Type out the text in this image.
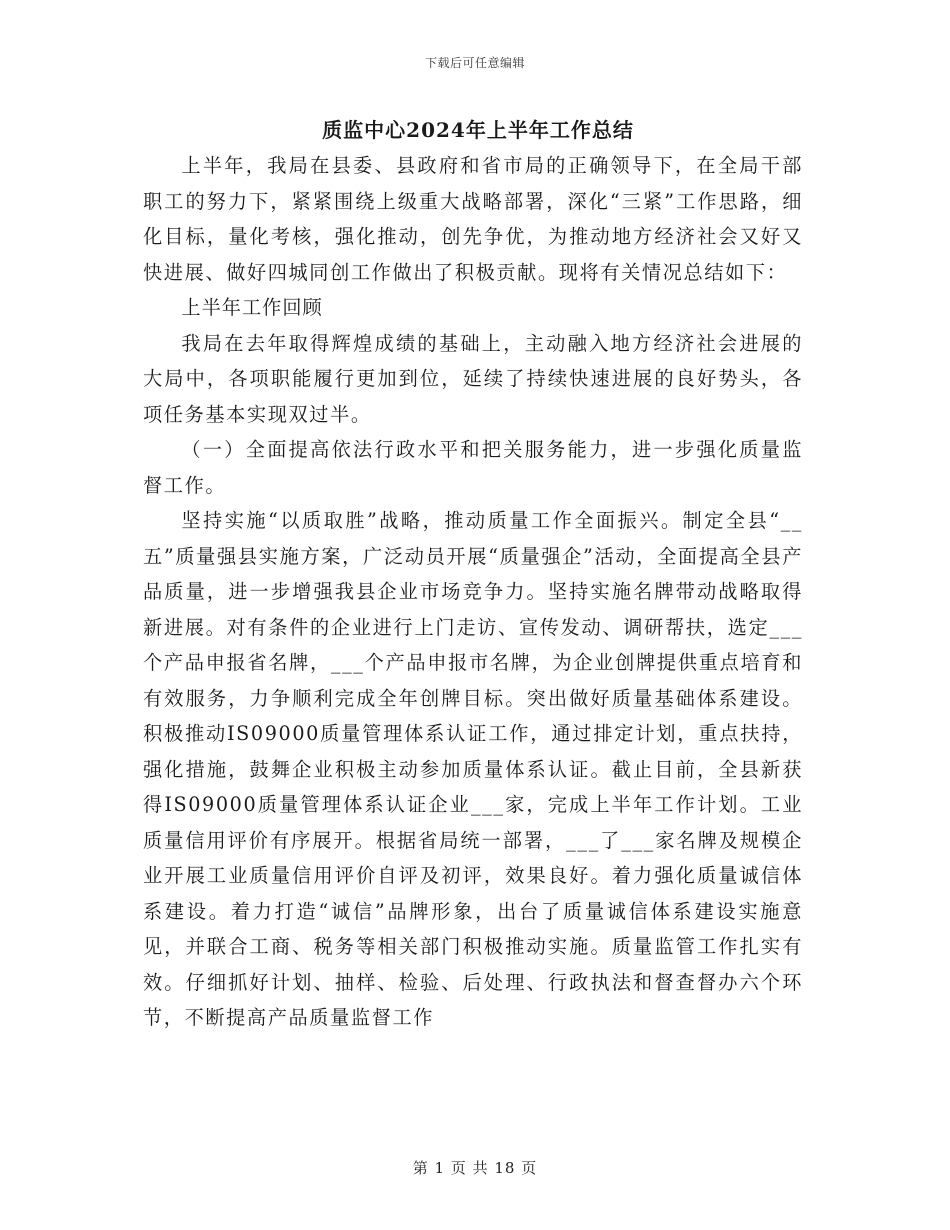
下载后可任意编辑
质监中心2024年上半年工作总结

上半年，我局在县委、县政府和省市局的正确领导下，在全局干部职工的努力下，紧紧围绕上级重大战略部署，深化“三紧”工作思路，细化目标，量化考核，强化推动，创先争优，为推动地方经济社会又好又快进展、做好四城同创工作做出了积极贡献。现将有关情况总结如下：

上半年工作回顾

我局在去年取得辉煌成绩的基础上，主动融入地方经济社会进展的大局中，各项职能履行更加到位，延续了持续快速进展的良好势头，各项任务基本实现双过半。

（一）全面提高依法行政水平和把关服务能力，进一步强化质量监督工作。

坚持实施“以质取胜”战略，推动质量工作全面振兴。制定全县“__五”质量强县实施方案，广泛动员开展“质量强企”活动，全面提高全县产品质量，进一步增强我县企业市场竞争力。坚持实施名牌带动战略取得新进展。对有条件的企业进行上门走访、宣传发动、调研帮扶，选定___个产品申报省名牌，___个产品申报市名牌，为企业创牌提供重点培育和有效服务，力争顺利完成全年创牌目标。突出做好质量基础体系建设。积极推动IS09000质量管理体系认证工作，通过排定计划，重点扶持，强化措施，鼓舞企业积极主动参加质量体系认证。截止目前，全县新获得IS09000质量管理体系认证企业___家，完成上半年工作计划。工业质量信用评价有序展开。根据省局统一部署，___了___家名牌及规模企业开展工业质量信用评价自评及初评，效果良好。着力强化质量诚信体系建设。着力打造“诚信”品牌形象，出台了质量诚信体系建设实施意见，并联合工商、税务等相关部门积极推动实施。质量监管工作扎实有效。仔细抓好计划、抽样、检验、后处理、行政执法和督查督办六个环节，不断提高产品质量监督工作

第 1 页 共 18 页
